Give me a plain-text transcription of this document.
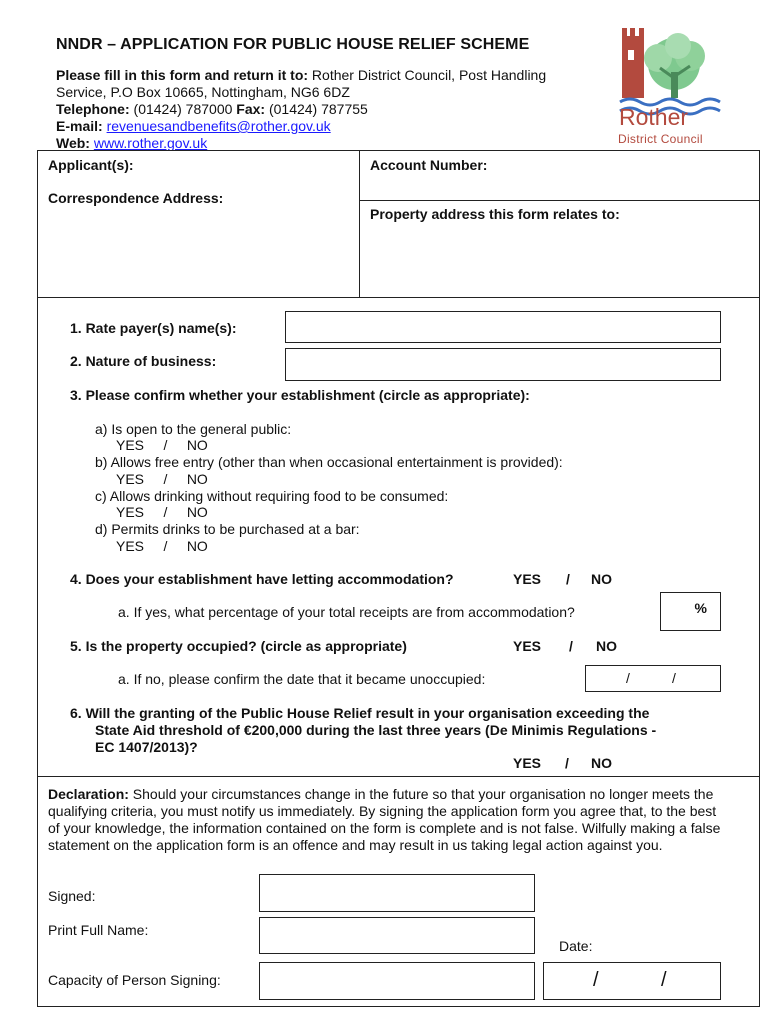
NNDR – APPLICATION FOR PUBLIC HOUSE RELIEF SCHEME
Please fill in this form and return it to: Rother District Council, Post Handling
Service, P.O Box 10665, Nottingham, NG6 6DZ
Telephone: (01424) 787000 Fax: (01424) 787755
E-mail: revenuesandbenefits@rother.gov.uk
Web: www.rother.gov.uk
Rother
District Council
Applicant(s):
Correspondence Address:
Account Number:
Property address this form relates to:
1. Rate payer(s) name(s):
2. Nature of business:
3. Please confirm whether your establishment (circle as appropriate):
a) Is open to the general public:
YES / NO
b) Allows free entry (other than when occasional entertainment is provided):
YES / NO
c) Allows drinking without requiring food to be consumed:
YES / NO
d) Permits drinks to be purchased at a bar:
YES / NO
4. Does your establishment have letting accommodation?	YES / NO
a. If yes, what percentage of your total receipts are from accommodation?	%
5. Is the property occupied? (circle as appropriate)	YES / NO
a. If no, please confirm the date that it became unoccupied:	/	/
6. Will the granting of the Public House Relief result in your organisation exceeding the
State Aid threshold of €200,000 during the last three years (De Minimis Regulations -
EC 1407/2013)?
YES / NO
Declaration: Should your circumstances change in the future so that your organisation no longer meets the qualifying criteria, you must notify us immediately. By signing the application form you agree that, to the best of your knowledge, the information contained on the form is complete and is not false. Wilfully making a false statement on the application form is an offence and may result in us taking legal action against you.
Signed:
Print Full Name:
Date:
Capacity of Person Signing:	/	/
